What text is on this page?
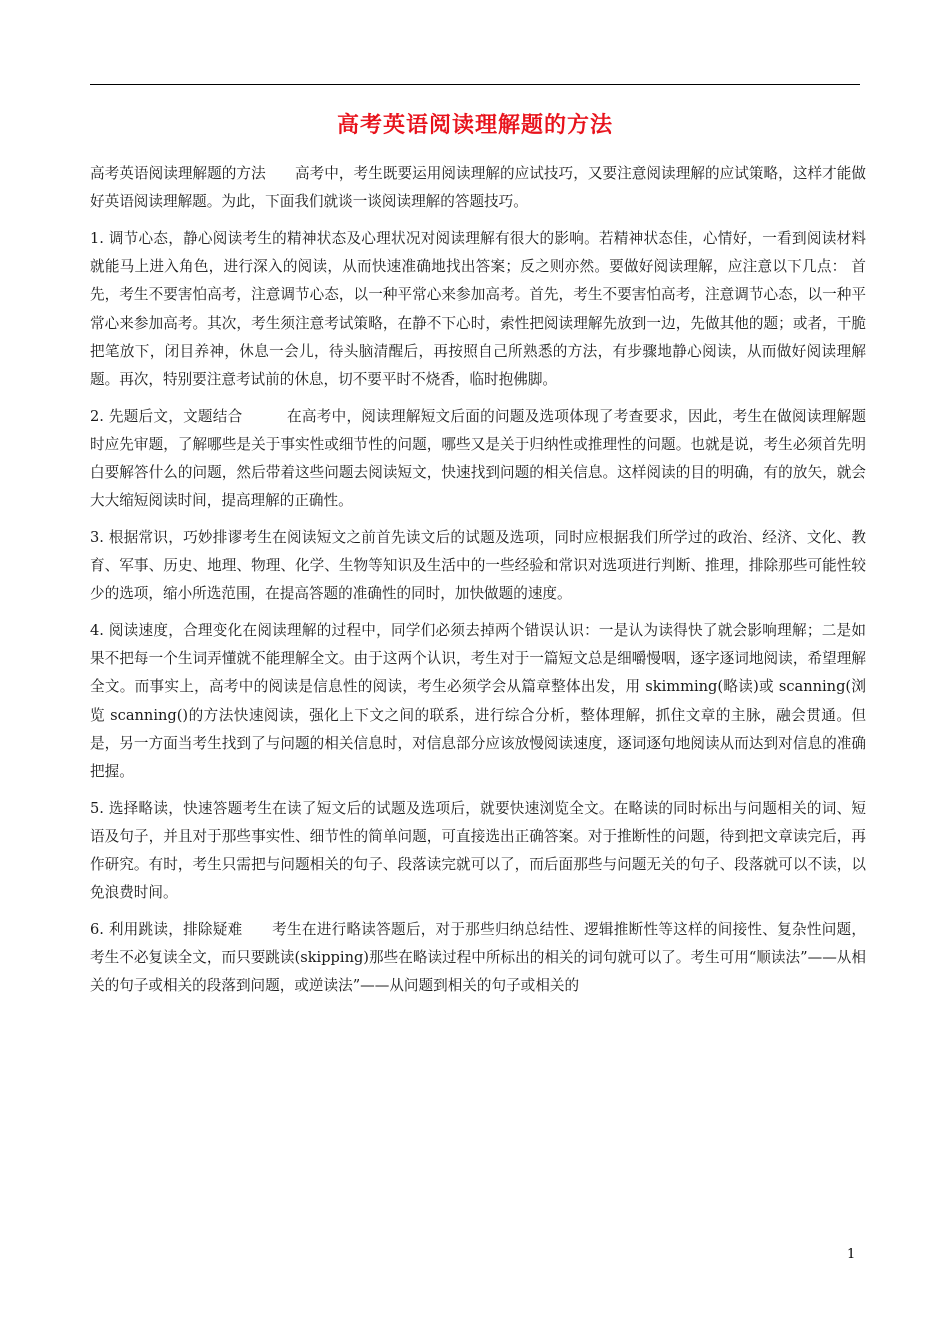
高考英语阅读理解题的方法

高考英语阅读理解题的方法　　高考中，考生既要运用阅读理解的应试技巧，又要注意阅读理解的应试策略，这样才能做好英语阅读理解题。为此，下面我们就谈一谈阅读理解的答题技巧。

1. 调节心态，静心阅读考生的精神状态及心理状况对阅读理解有很大的影响。若精神状态佳，心情好，一看到阅读材料就能马上进入角色，进行深入的阅读，从而快速准确地找出答案；反之则亦然。要做好阅读理解，应注意以下几点： 首先，考生不要害怕高考，注意调节心态，以一种平常心来参加高考。首先，考生不要害怕高考，注意调节心态，以一种平常心来参加高考。其次，考生须注意考试策略，在静不下心时，索性把阅读理解先放到一边，先做其他的题；或者，干脆把笔放下，闭目养神，休息一会儿，待头脑清醒后，再按照自己所熟悉的方法，有步骤地静心阅读，从而做好阅读理解题。再次，特别要注意考试前的休息，切不要平时不烧香，临时抱佛脚。

2. 先题后文，文题结合　　　在高考中，阅读理解短文后面的问题及选项体现了考查要求，因此，考生在做阅读理解题时应先审题，了解哪些是关于事实性或细节性的问题，哪些又是关于归纳性或推理性的问题。也就是说，考生必须首先明白要解答什么的问题，然后带着这些问题去阅读短文，快速找到问题的相关信息。这样阅读的目的明确，有的放矢，就会大大缩短阅读时间，提高理解的正确性。

3. 根据常识，巧妙排谬考生在阅读短文之前首先读文后的试题及选项，同时应根据我们所学过的政治、经济、文化、教育、军事、历史、地理、物理、化学、生物等知识及生活中的一些经验和常识对选项进行判断、推理，排除那些可能性较少的选项，缩小所选范围，在提高答题的准确性的同时，加快做题的速度。

4. 阅读速度，合理变化在阅读理解的过程中，同学们必须去掉两个错误认识：一是认为读得快了就会影响理解；二是如果不把每一个生词弄懂就不能理解全文。由于这两个认识，考生对于一篇短文总是细嚼慢咽，逐字逐词地阅读，希望理解全文。而事实上，高考中的阅读是信息性的阅读，考生必须学会从篇章整体出发，用 skimming(略读)或 scanning(浏览 scanning()的方法快速阅读，强化上下文之间的联系，进行综合分析，整体理解，抓住文章的主脉，融会贯通。但是，另一方面当考生找到了与问题的相关信息时，对信息部分应该放慢阅读速度，逐词逐句地阅读从而达到对信息的准确把握。

5. 选择略读，快速答题考生在读了短文后的试题及选项后，就要快速浏览全文。在略读的同时标出与问题相关的词、短语及句子，并且对于那些事实性、细节性的简单问题，可直接选出正确答案。对于推断性的问题，待到把文章读完后，再作研究。有时，考生只需把与问题相关的句子、段落读完就可以了，而后面那些与问题无关的句子、段落就可以不读，以免浪费时间。

6. 利用跳读，排除疑难　　考生在进行略读答题后，对于那些归纳总结性、逻辑推断性等这样的间接性、复杂性问题，考生不必复读全文，而只要跳读(skipping)那些在略读过程中所标出的相关的词句就可以了。考生可用“顺读法”——从相关的句子或相关的段落到问题，或逆读法”——从问题到相关的句子或相关的

1
